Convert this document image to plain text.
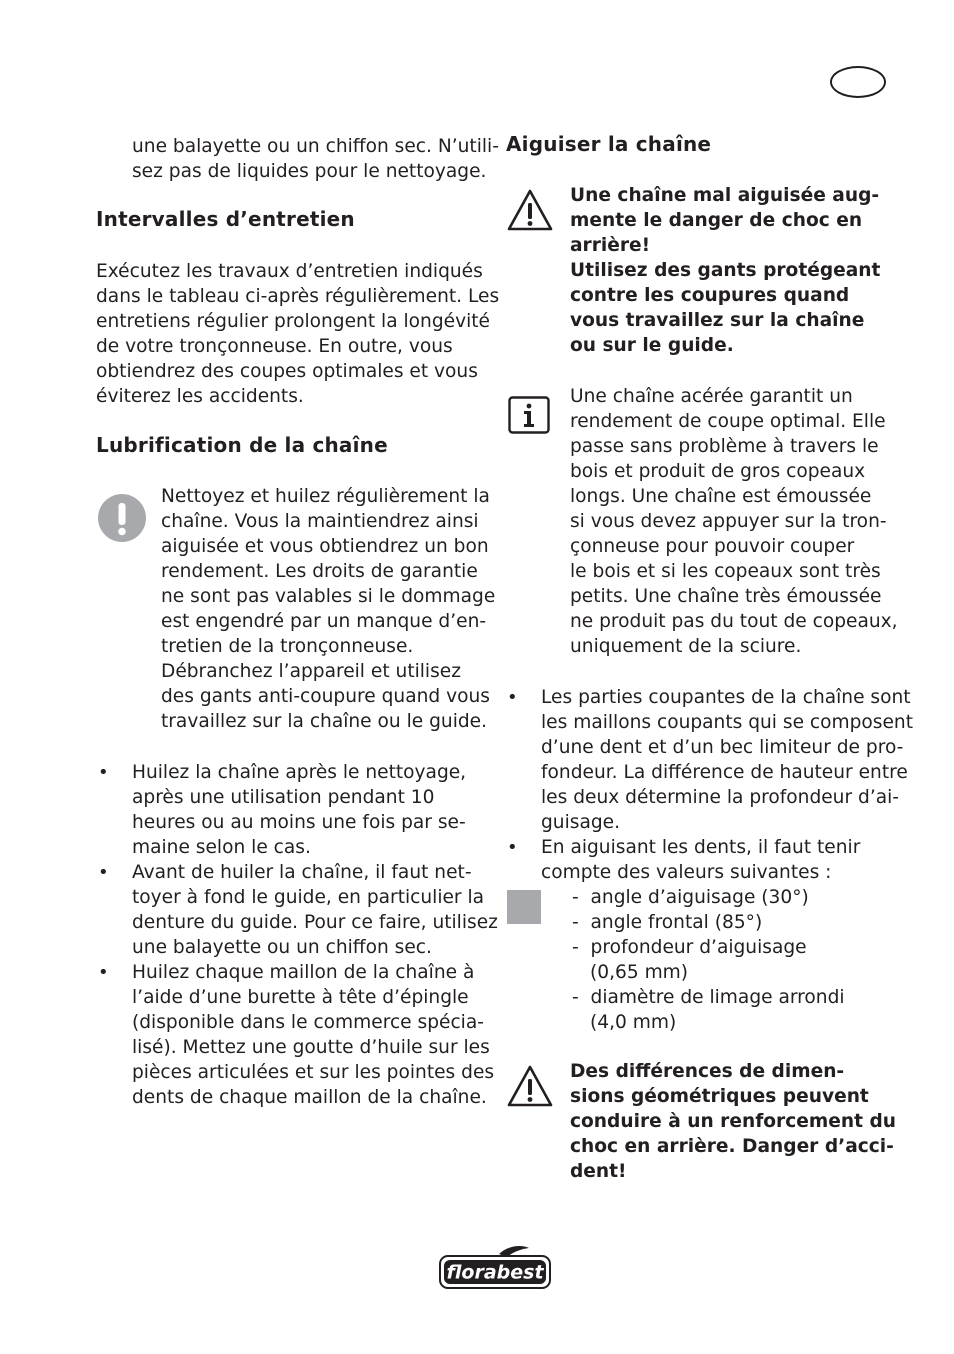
une balayette ou un chiffon sec. N’utili-
sez pas de liquides pour le nettoyage.
Intervalles d’entretien
Exécutez les travaux d’entretien indiqués
dans le tableau ci-après régulièrement. Les
entretiens régulier prolongent la longévité
de votre tronçonneuse. En outre, vous
obtiendrez des coupes optimales et vous
éviterez les accidents.
Lubrification de la chaîne
Nettoyez et huilez régulièrement la
chaîne. Vous la maintiendrez ainsi
aiguisée et vous obtiendrez un bon
rendement. Les droits de garantie
ne sont pas valables si le dommage
est engendré par un manque d’en-
tretien de la tronçonneuse.
Débranchez l’appareil et utilisez
des gants anti-coupure quand vous
travaillez sur la chaîne ou le guide.
• Huilez la chaîne après le nettoyage,
après une utilisation pendant 10
heures ou au moins une fois par se-
maine selon le cas.
• Avant de huiler la chaîne, il faut net-
toyer à fond le guide, en particulier la
denture du guide. Pour ce faire, utilisez
une balayette ou un chiffon sec.
• Huilez chaque maillon de la chaîne à
l’aide d’une burette à tête d’épingle
(disponible dans le commerce spécia-
lisé). Mettez une goutte d’huile sur les
pièces articulées et sur les pointes des
dents de chaque maillon de la chaîne.
Aiguiser la chaîne
Une chaîne mal aiguisée aug-
mente le danger de choc en
arrière!
Utilisez des gants protégeant
contre les coupures quand
vous travaillez sur la chaîne
ou sur le guide.
Une chaîne acérée garantit un
rendement de coupe optimal. Elle
passe sans problème à travers le
bois et produit de gros copeaux
longs. Une chaîne est émoussée
si vous devez appuyer sur la tron-
çonneuse pour pouvoir couper
le bois et si les copeaux sont très
petits. Une chaîne très émoussée
ne produit pas du tout de copeaux,
uniquement de la sciure.
• Les parties coupantes de la chaîne sont
les maillons coupants qui se composent
d’une dent et d’un bec limiteur de pro-
fondeur. La différence de hauteur entre
les deux détermine la profondeur d’ai-
guisage.
• En aiguisant les dents, il faut tenir
compte des valeurs suivantes :
-  angle d’aiguisage (30°)
-  angle frontal (85°)
-  profondeur d’aiguisage
(0,65 mm)
-  diamètre de limage arrondi
(4,0 mm)
Des différences de dimen-
sions géométriques peuvent
conduire à un renforcement du
choc en arrière. Danger d’acci-
dent!
florabest
